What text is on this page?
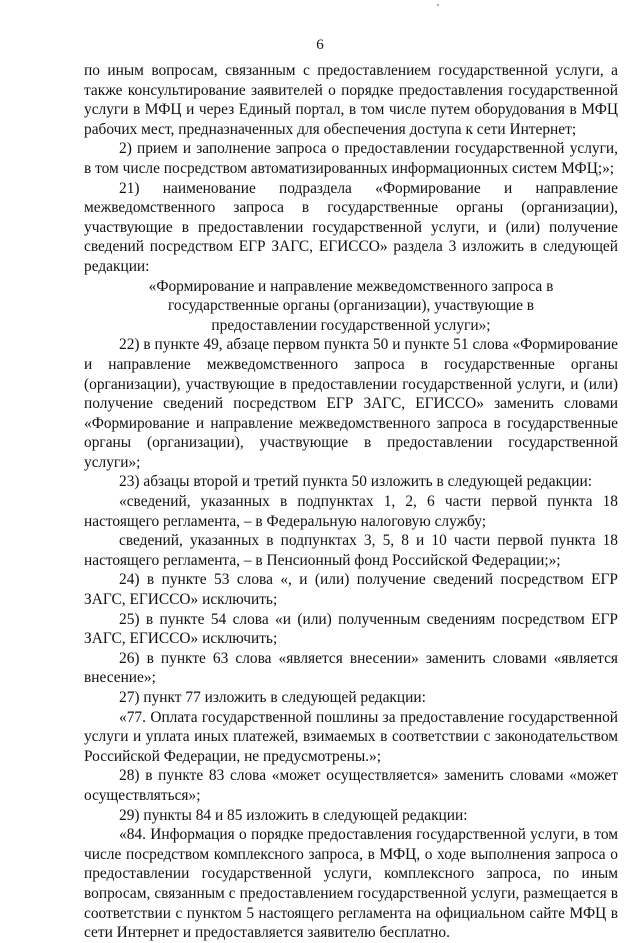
6

по иным вопросам, связанным с предоставлением государственной услуги, а также консультирование заявителей о порядке предоставления государственной услуги в МФЦ и через Единый портал, в том числе путем оборудования в МФЦ рабочих мест, предназначенных для обеспечения доступа к сети Интернет;

2) прием и заполнение запроса о предоставлении государственной услуги, в том числе посредством автоматизированных информационных систем МФЦ;»;

21) наименование подраздела «Формирование и направление межведомственного запроса в государственные органы (организации), участвующие в предоставлении государственной услуги, и (или) получение сведений посредством ЕГР ЗАГС, ЕГИССО» раздела 3 изложить в следующей редакции:

«Формирование и направление межведомственного запроса в государственные органы (организации), участвующие в предоставлении государственной услуги»;

22) в пункте 49, абзаце первом пункта 50 и пункте 51 слова «Формирование и направление межведомственного запроса в государственные органы (организации), участвующие в предоставлении государственной услуги, и (или) получение сведений посредством ЕГР ЗАГС, ЕГИССО» заменить словами «Формирование и направление межведомственного запроса в государственные органы (организации), участвующие в предоставлении государственной услуги»;

23) абзацы второй и третий пункта 50 изложить в следующей редакции:

«сведений, указанных в подпунктах 1, 2, 6 части первой пункта 18 настоящего регламента, – в Федеральную налоговую службу;

сведений, указанных в подпунктах 3, 5, 8 и 10 части первой пункта 18 настоящего регламента, – в Пенсионный фонд Российской Федерации;»;

24) в пункте 53 слова «, и (или) получение сведений посредством ЕГР ЗАГС, ЕГИССО» исключить;

25) в пункте 54 слова «и (или) полученным сведениям посредством ЕГР ЗАГС, ЕГИССО» исключить;

26) в пункте 63 слова «является внесении» заменить словами «является внесение»;

27) пункт 77 изложить в следующей редакции:

«77. Оплата государственной пошлины за предоставление государственной услуги и уплата иных платежей, взимаемых в соответствии с законодательством Российской Федерации, не предусмотрены.»;

28) в пункте 83 слова «может осуществляется» заменить словами «может осуществляться»;

29) пункты 84 и 85 изложить в следующей редакции:

«84. Информация о порядке предоставления государственной услуги, в том числе посредством комплексного запроса, в МФЦ, о ходе выполнения запроса о предоставлении государственной услуги, комплексного запроса, по иным вопросам, связанным с предоставлением государственной услуги, размещается в соответствии с пунктом 5 настоящего регламента на официальном сайте МФЦ в сети Интернет и предоставляется заявителю бесплатно.
